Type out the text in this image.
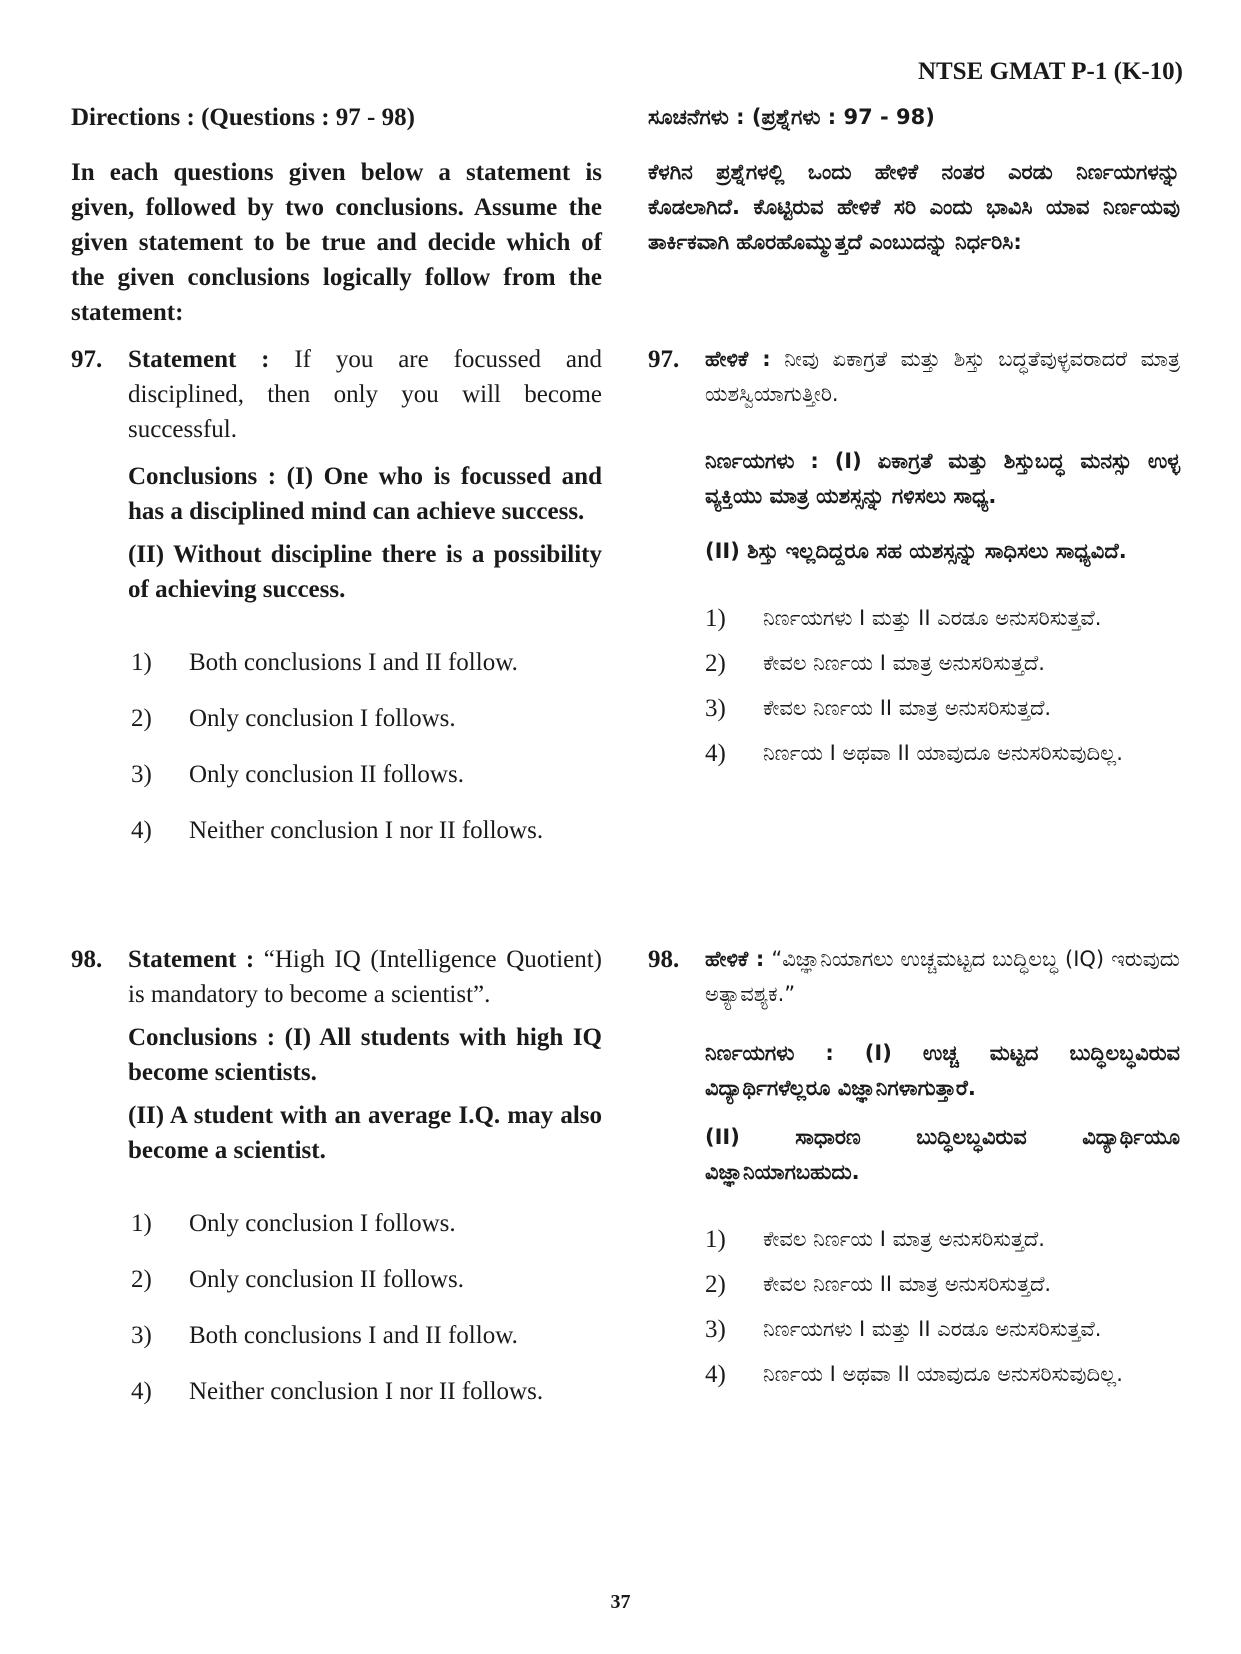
NTSE GMAT P-1 (K-10)

Directions : (Questions : 97 - 98)

In each questions given below a statement is given, followed by two conclusions. Assume the given statement to be true and decide which of the given conclusions logically follow from the statement:

97.	Statement : If you are focussed and disciplined, then only you will become successful.

Conclusions : (I) One who is focussed and has a disciplined mind can achieve success.

(II) Without discipline there is a possibility of achieving success.

1)	Both conclusions I and II follow.
2)	Only conclusion I follows.
3)	Only conclusion II follows.
4)	Neither conclusion I nor II follows.
98.	Statement : “High IQ (Intelligence Quotient) is mandatory to become a scientist”.

Conclusions : (I) All students with high IQ become scientists.

(II) A student with an average I.Q. may also become a scientist.

1)	Only conclusion I follows.
2)	Only conclusion II follows.
3)	Both conclusions I and II follow.
4)	Neither conclusion I nor II follows.

ಸೂಚನೆಗಳು : (ಪ್ರಶ್ನೆಗಳು : 97 - 98)

ಕೆಳಗಿನ ಪ್ರಶ್ನೆಗಳಲ್ಲಿ ಒಂದು ಹೇಳಿಕೆ ನಂತರ ಎರಡು ನಿರ್ಣಯಗಳನ್ನು ಕೊಡಲಾಗಿದೆ. ಕೊಟ್ಟಿರುವ ಹೇಳಿಕೆ ಸರಿ ಎಂದು ಭಾವಿಸಿ ಯಾವ ನಿರ್ಣಯವು ತಾರ್ಕಿಕವಾಗಿ ಹೊರಹೊಮ್ಮುತ್ತದೆ ಎಂಬುದನ್ನು ನಿರ್ಧರಿಸಿ:

97.	ಹೇಳಿಕೆ : ನೀವು ಏಕಾಗ್ರತೆ ಮತ್ತು ಶಿಸ್ತು ಬದ್ಧತೆವುಳ್ಳವರಾದರೆ ಮಾತ್ರ ಯಶಸ್ವಿಯಾಗುತ್ತೀರಿ.

ನಿರ್ಣಯಗಳು : (I) ಏಕಾಗ್ರತೆ ಮತ್ತು ಶಿಸ್ತುಬದ್ಧ ಮನಸ್ಸು ಉಳ್ಳ ವ್ಯಕ್ತಿಯು ಮಾತ್ರ ಯಶಸ್ಸನ್ನು ಗಳಿಸಲು ಸಾಧ್ಯ.

(II) ಶಿಸ್ತು ಇಲ್ಲದಿದ್ದರೂ ಸಹ ಯಶಸ್ಸನ್ನು ಸಾಧಿಸಲು ಸಾಧ್ಯವಿದೆ.

1)	ನಿರ್ಣಯಗಳು I ಮತ್ತು II ಎರಡೂ ಅನುಸರಿಸುತ್ತವೆ.
2)	ಕೇವಲ ನಿರ್ಣಯ I ಮಾತ್ರ ಅನುಸರಿಸುತ್ತದೆ.
3)	ಕೇವಲ ನಿರ್ಣಯ II ಮಾತ್ರ ಅನುಸರಿಸುತ್ತದೆ.
4)	ನಿರ್ಣಯ I ಅಥವಾ II ಯಾವುದೂ ಅನುಸರಿಸುವುದಿಲ್ಲ.
98.	ಹೇಳಿಕೆ : “ವಿಜ್ಞಾನಿಯಾಗಲು ಉಚ್ಚಮಟ್ಟದ ಬುದ್ಧಿಲಬ್ಧ (IQ) ಇರುವುದು ಅತ್ಯಾವಶ್ಯಕ.”

ನಿರ್ಣಯಗಳು : (I) ಉಚ್ಚ ಮಟ್ಟದ ಬುದ್ಧಿಲಬ್ಧವಿರುವ ವಿದ್ಯಾರ್ಥಿಗಳೆಲ್ಲರೂ ವಿಜ್ಞಾನಿಗಳಾಗುತ್ತಾರೆ.

(II) ಸಾಧಾರಣ ಬುದ್ಧಿಲಬ್ಧವಿರುವ ವಿದ್ಯಾರ್ಥಿಯೂ ವಿಜ್ಞಾನಿಯಾಗಬಹುದು.

1)	ಕೇವಲ ನಿರ್ಣಯ I ಮಾತ್ರ ಅನುಸರಿಸುತ್ತದೆ.
2)	ಕೇವಲ ನಿರ್ಣಯ II ಮಾತ್ರ ಅನುಸರಿಸುತ್ತದೆ.
3)	ನಿರ್ಣಯಗಳು I ಮತ್ತು II ಎರಡೂ ಅನುಸರಿಸುತ್ತವೆ.
4)	ನಿರ್ಣಯ I ಅಥವಾ II ಯಾವುದೂ ಅನುಸರಿಸುವುದಿಲ್ಲ.
37
